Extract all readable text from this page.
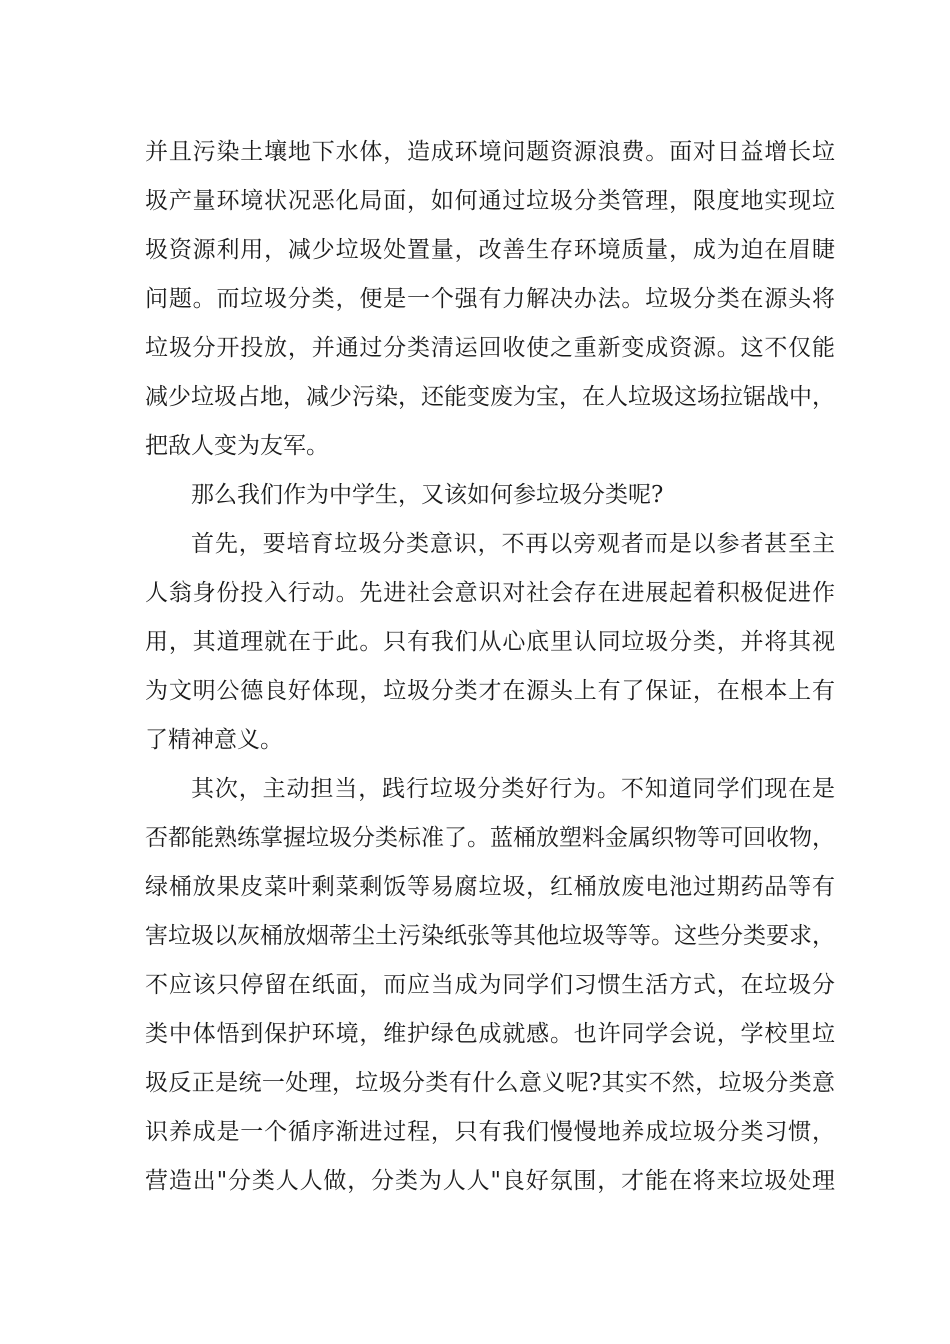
并且污染土壤地下水体，造成环境问题资源浪费。面对日益增长垃
圾产量环境状况恶化局面，如何通过垃圾分类管理，限度地实现垃
圾资源利用，减少垃圾处置量，改善生存环境质量，成为迫在眉睫
问题。而垃圾分类，便是一个强有力解决办法。垃圾分类在源头将
垃圾分开投放，并通过分类清运回收使之重新变成资源。这不仅能
减少垃圾占地，减少污染，还能变废为宝，在人垃圾这场拉锯战中，
把敌人变为友军。
那么我们作为中学生，又该如何参垃圾分类呢?
首先，要培育垃圾分类意识，不再以旁观者而是以参者甚至主
人翁身份投入行动。先进社会意识对社会存在进展起着积极促进作
用，其道理就在于此。只有我们从心底里认同垃圾分类，并将其视
为文明公德良好体现，垃圾分类才在源头上有了保证，在根本上有
了精神意义。
其次，主动担当，践行垃圾分类好行为。不知道同学们现在是
否都能熟练掌握垃圾分类标准了。蓝桶放塑料金属织物等可回收物，
绿桶放果皮菜叶剩菜剩饭等易腐垃圾，红桶放废电池过期药品等有
害垃圾以灰桶放烟蒂尘土污染纸张等其他垃圾等等。这些分类要求，
不应该只停留在纸面，而应当成为同学们习惯生活方式，在垃圾分
类中体悟到保护环境，维护绿色成就感。也许同学会说，学校里垃
圾反正是统一处理，垃圾分类有什么意义呢?其实不然，垃圾分类意
识养成是一个循序渐进过程，只有我们慢慢地养成垃圾分类习惯，
营造出"分类人人做，分类为人人"良好氛围，才能在将来垃圾处理
